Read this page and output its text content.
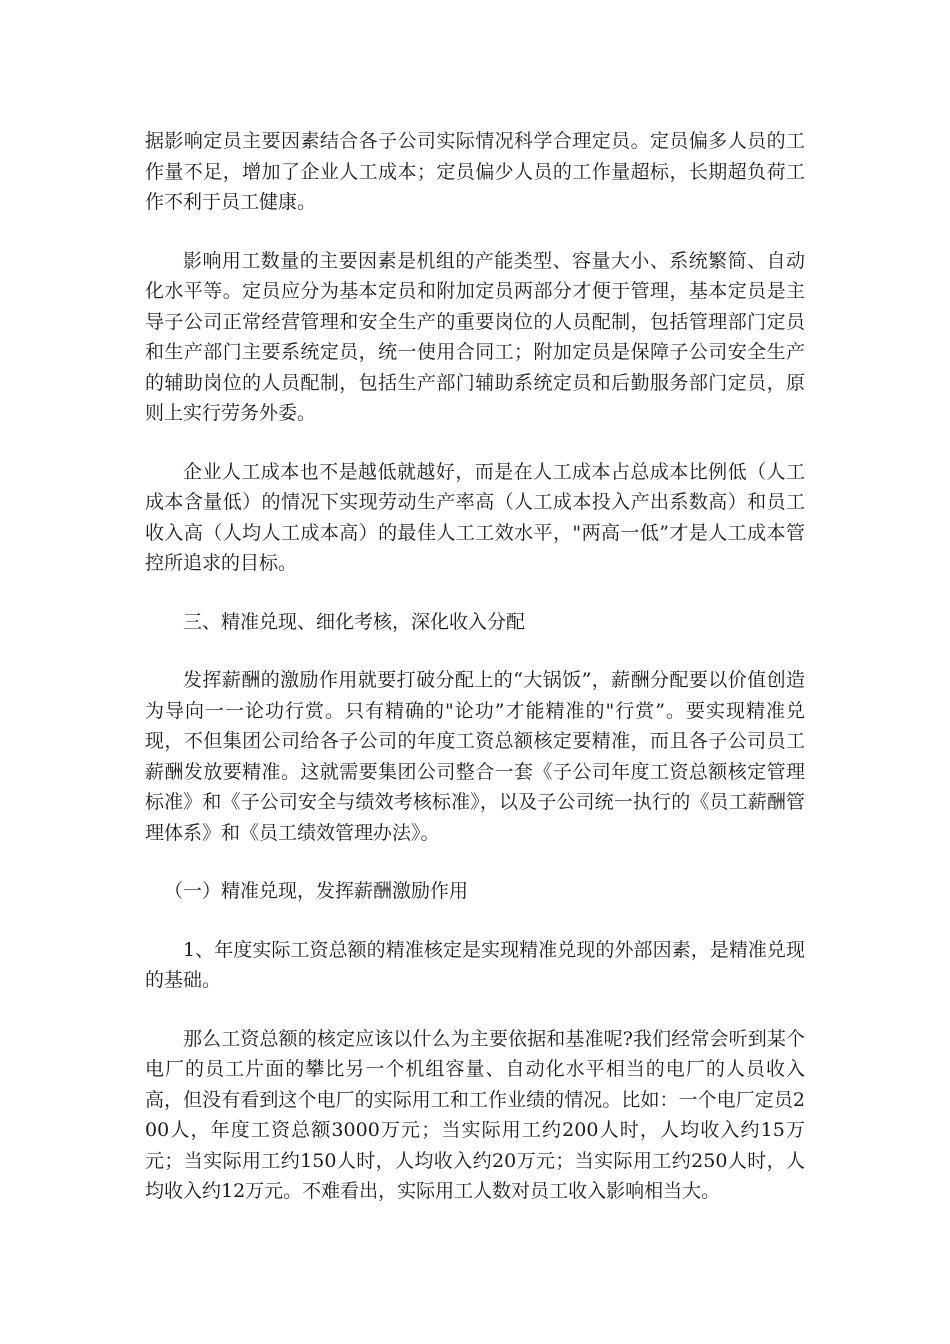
据影响定员主要因素结合各子公司实际情况科学合理定员。定员偏多人员的工作量不足，增加了企业人工成本；定员偏少人员的工作量超标，长期超负荷工作不利于员工健康。

影响用工数量的主要因素是机组的产能类型、容量大小、系统繁简、自动化水平等。定员应分为基本定员和附加定员两部分才便于管理，基本定员是主导子公司正常经营管理和安全生产的重要岗位的人员配制，包括管理部门定员和生产部门主要系统定员，统一使用合同工；附加定员是保障子公司安全生产的辅助岗位的人员配制，包括生产部门辅助系统定员和后勤服务部门定员，原则上实行劳务外委。

企业人工成本也不是越低就越好，而是在人工成本占总成本比例低（人工成本含量低）的情况下实现劳动生产率高（人工成本投入产出系数高）和员工收入高（人均人工成本高）的最佳人工工效水平，"两高一低”才是人工成本管控所追求的目标。

三、精准兑现、细化考核，深化收入分配

发挥薪酬的激励作用就要打破分配上的“大锅饭”，薪酬分配要以价值创造为导向一一论功行赏。只有精确的"论功”才能精准的"行赏”。要实现精准兑现，不但集团公司给各子公司的年度工资总额核定要精准，而且各子公司员工薪酬发放要精准。这就需要集团公司整合一套《子公司年度工资总额核定管理标准》和《子公司安全与绩效考核标准》，以及子公司统一执行的《员工薪酬管理体系》和《员工绩效管理办法》。

（一）精准兑现，发挥薪酬激励作用

1、年度实际工资总额的精准核定是实现精准兑现的外部因素，是精准兑现的基础。

那么工资总额的核定应该以什么为主要依据和基准呢?我们经常会听到某个电厂的员工片面的攀比另一个机组容量、自动化水平相当的电厂的人员收入高，但没有看到这个电厂的实际用工和工作业绩的情况。比如：一个电厂定员200人，年度工资总额3000万元；当实际用工约200人时，人均收入约15万元；当实际用工约150人时，人均收入约20万元；当实际用工约250人时，人均收入约12万元。不难看出，实际用工人数对员工收入影响相当大。
